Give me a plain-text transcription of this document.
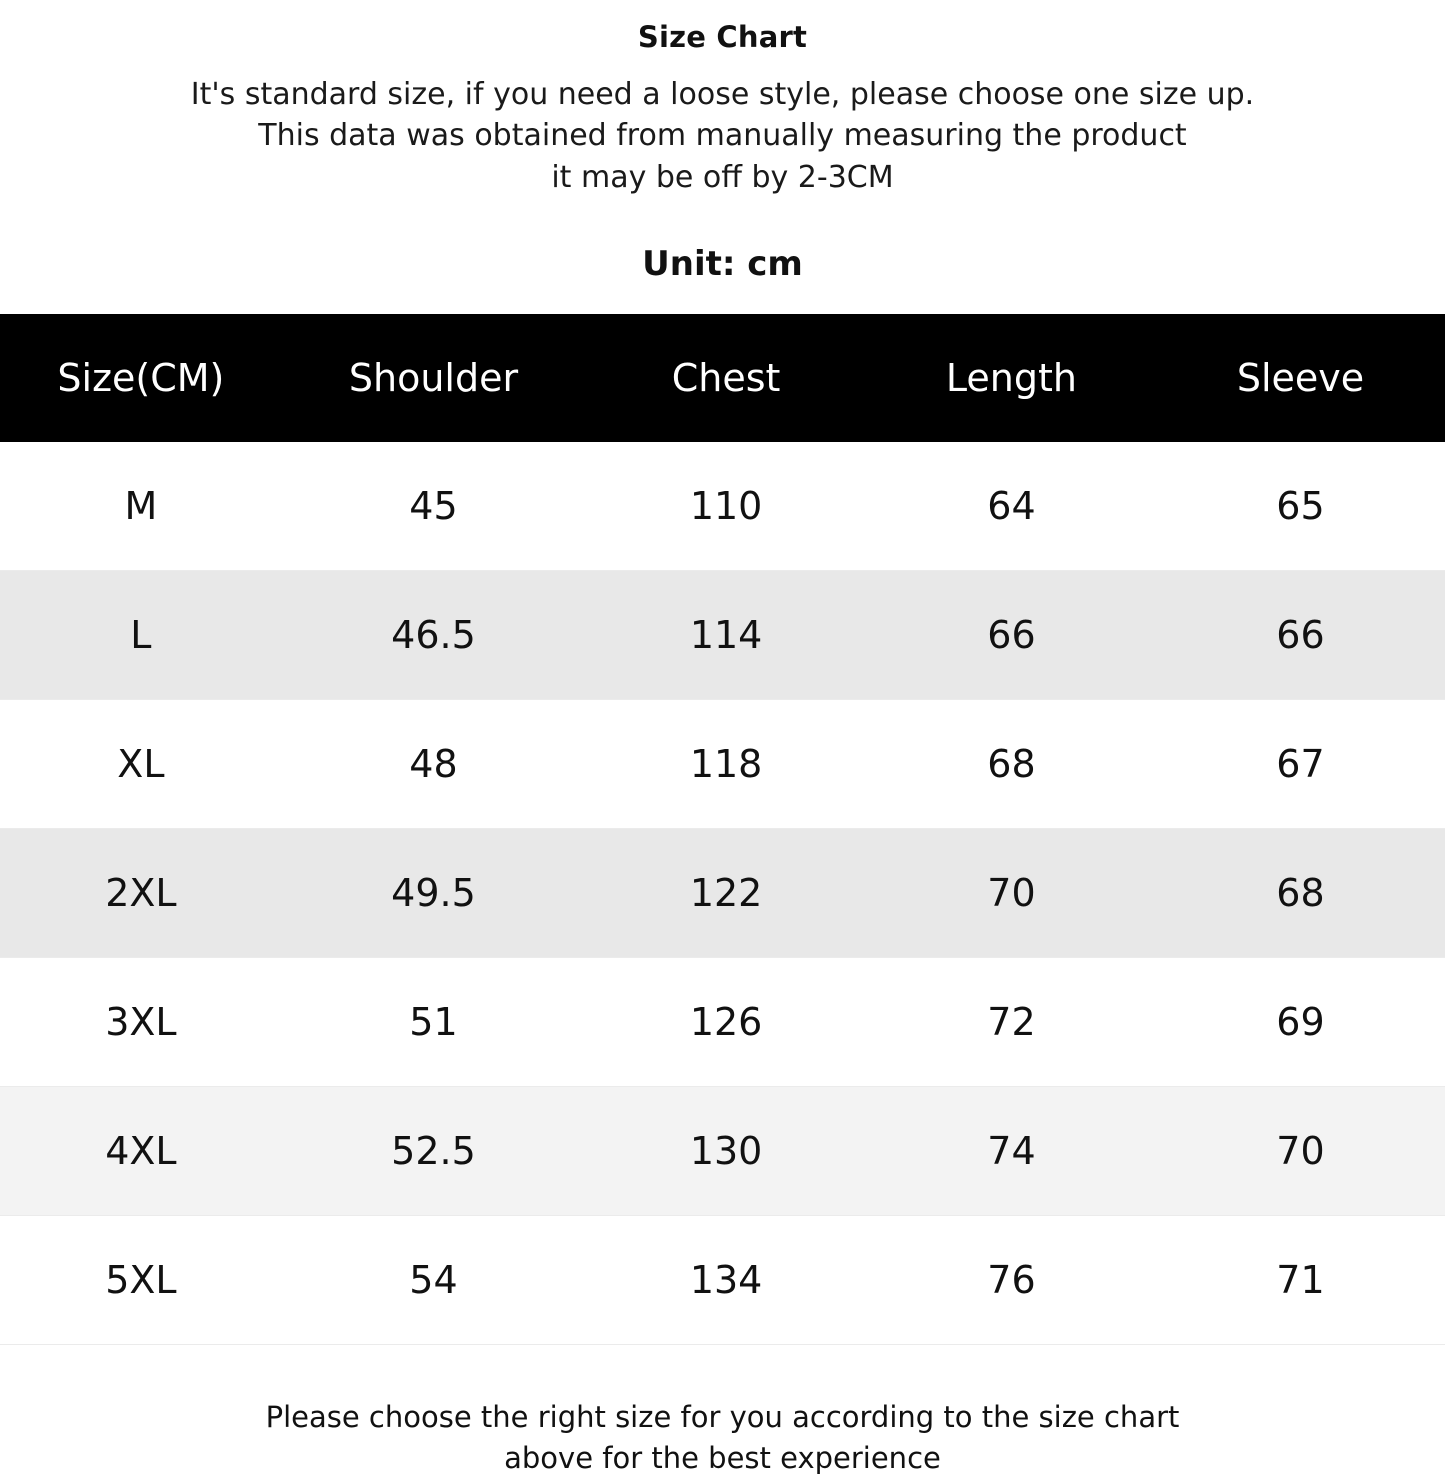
Size Chart
It's standard size, if you need a loose style, please choose one size up.
This data was obtained from manually measuring the product
it may be off by 2-3CM
Unit: cm
Size(CM)	Shoulder	Chest	Length	Sleeve
M	45	110	64	65
L	46.5	114	66	66
XL	48	118	68	67
2XL	49.5	122	70	68
3XL	51	126	72	69
4XL	52.5	130	74	70
5XL	54	134	76	71
Please choose the right size for you according to the size chart
above for the best experience
